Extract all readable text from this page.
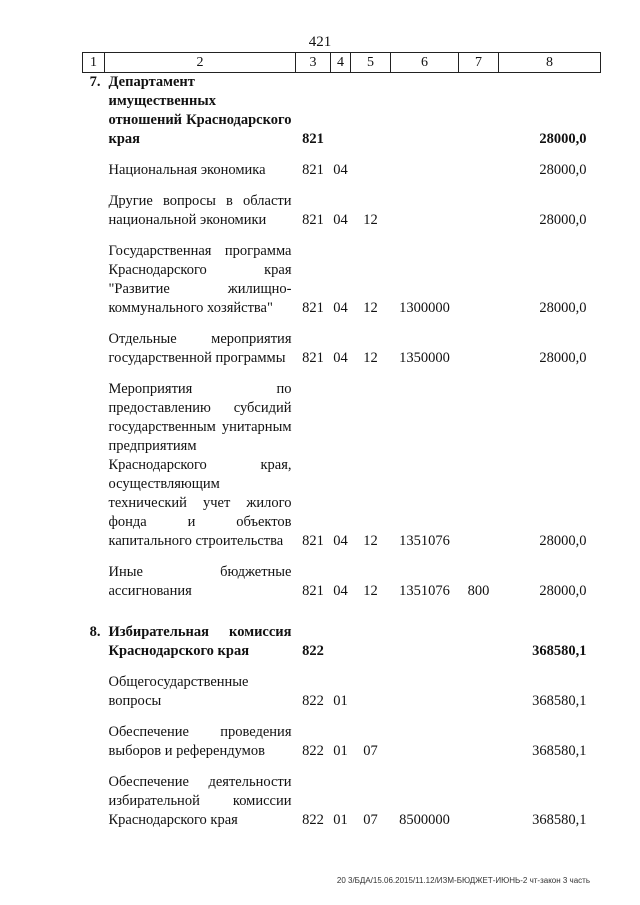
421
1	2	3	4	5	6	7	8
7.	Департамент имущественных отношений Краснодарского края	821					28000,0

	Национальная экономика	821	04				28000,0

	Другие вопросы в области национальной экономики	821	04	12			28000,0

	Государственная программа Краснодарского края "Развитие жилищно-коммунального хозяйства"	821	04	12	1300000		28000,0

	Отдельные мероприятия государственной программы	821	04	12	1350000		28000,0

	Мероприятия по предоставлению субсидий государственным унитарным предприятиям Краснодарского края, осуществляющим технический учет жилого фонда и объектов капитального строительства	821	04	12	1351076		28000,0

	Иные бюджетные ассигнования	821	04	12	1351076	800	28000,0

8.	Избирательная комиссия Краснодарского края	822					368580,1

	Общегосударственные вопросы	822	01				368580,1

	Обеспечение проведения выборов и референдумов	822	01	07			368580,1

	Обеспечение деятельности избирательной комиссии Краснодарского края	822	01	07	8500000		368580,1
20 3/БДА/15.06.2015/11.12/ИЗМ-БЮДЖЕТ-ИЮНЬ-2 чт-закон 3 часть
